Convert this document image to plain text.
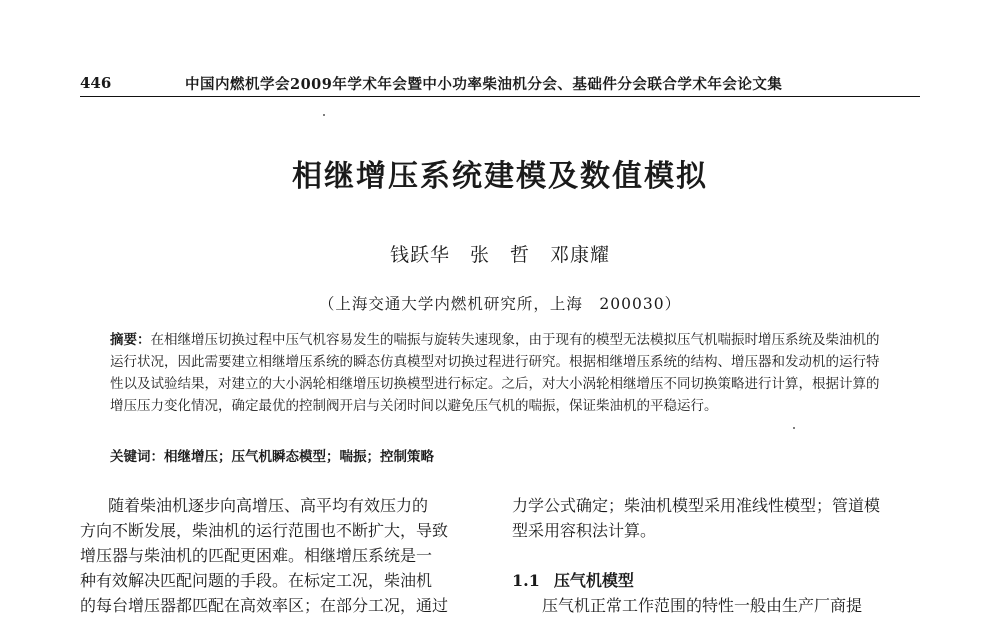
446	中国内燃机学会2009年学术年会暨中小功率柴油机分会、基础件分会联合学术年会论文集
相继增压系统建模及数值模拟
钱跃华　张　哲　邓康耀
（上海交通大学内燃机研究所，上海　200030）
摘要：在相继增压切换过程中压气机容易发生的喘振与旋转失速现象，由于现有的模型无法模拟压气机喘振时增压系统及柴油机的运行状况，因此需要建立相继增压系统的瞬态仿真模型对切换过程进行研究。根据相继增压系统的结构、增压器和发动机的运行特性以及试验结果，对建立的大小涡轮相继增压切换模型进行标定。之后，对大小涡轮相继增压不同切换策略进行计算，根据计算的增压压力变化情况，确定最优的控制阀开启与关闭时间以避免压气机的喘振，保证柴油机的平稳运行。
关键词：相继增压；压气机瞬态模型；喘振；控制策略
随着柴油机逐步向高增压、高平均有效压力的
方向不断发展，柴油机的运行范围也不断扩大，导致
增压器与柴油机的匹配更困难。相继增压系统是一
种有效解决匹配问题的手段。在标定工况，柴油机
的每台增压器都匹配在高效率区；在部分工况，通过
力学公式确定；柴油机模型采用准线性模型；管道模
型采用容积法计算。
1.1 压气机模型
压气机正常工作范围的特性一般由生产厂商提
